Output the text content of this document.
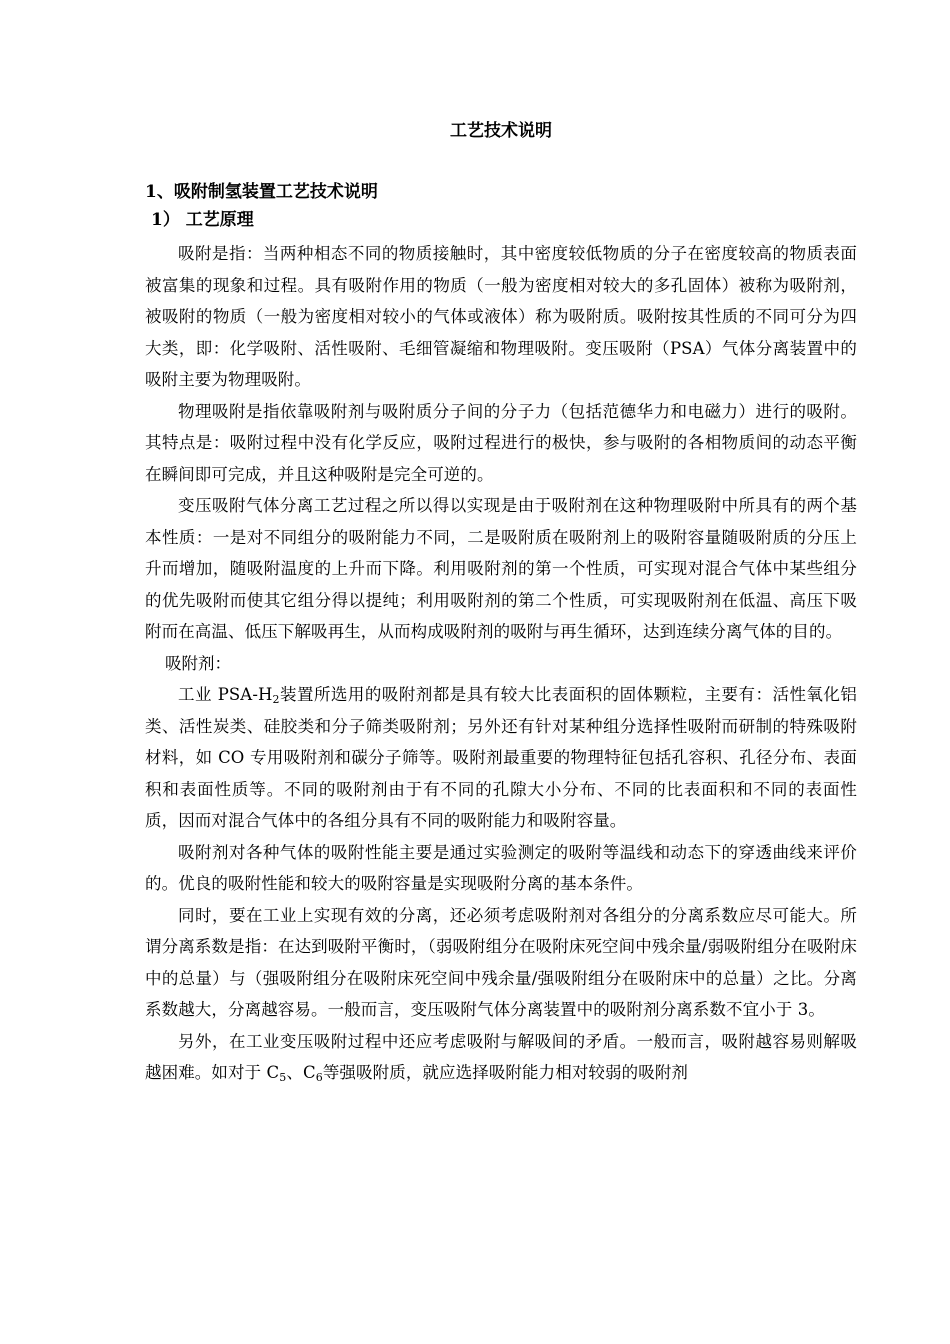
工艺技术说明
1、吸附制氢装置工艺技术说明
1） 工艺原理

吸附是指：当两种相态不同的物质接触时，其中密度较低物质的分子在密度较高的物质表面被富集的现象和过程。具有吸附作用的物质（一般为密度相对较大的多孔固体）被称为吸附剂，被吸附的物质（一般为密度相对较小的气体或液体）称为吸附质。吸附按其性质的不同可分为四大类，即：化学吸附、活性吸附、毛细管凝缩和物理吸附。变压吸附（PSA）气体分离装置中的吸附主要为物理吸附。

物理吸附是指依靠吸附剂与吸附质分子间的分子力（包括范德华力和电磁力）进行的吸附。其特点是：吸附过程中没有化学反应，吸附过程进行的极快，参与吸附的各相物质间的动态平衡在瞬间即可完成，并且这种吸附是完全可逆的。

变压吸附气体分离工艺过程之所以得以实现是由于吸附剂在这种物理吸附中所具有的两个基本性质：一是对不同组分的吸附能力不同，二是吸附质在吸附剂上的吸附容量随吸附质的分压上升而增加，随吸附温度的上升而下降。利用吸附剂的第一个性质，可实现对混合气体中某些组分的优先吸附而使其它组分得以提纯；利用吸附剂的第二个性质，可实现吸附剂在低温、高压下吸附而在高温、低压下解吸再生，从而构成吸附剂的吸附与再生循环，达到连续分离气体的目的。

吸附剂：

工业 PSA-$H_2$装置所选用的吸附剂都是具有较大比表面积的固体颗粒，主要有：活性氧化铝类、活性炭类、硅胶类和分子筛类吸附剂；另外还有针对某种组分选择性吸附而研制的特殊吸附材料，如 CO 专用吸附剂和碳分子筛等。吸附剂最重要的物理特征包括孔容积、孔径分布、表面积和表面性质等。不同的吸附剂由于有不同的孔隙大小分布、不同的比表面积和不同的表面性质，因而对混合气体中的各组分具有不同的吸附能力和吸附容量。

吸附剂对各种气体的吸附性能主要是通过实验测定的吸附等温线和动态下的穿透曲线来评价的。优良的吸附性能和较大的吸附容量是实现吸附分离的基本条件。

同时，要在工业上实现有效的分离，还必须考虑吸附剂对各组分的分离系数应尽可能大。所谓分离系数是指：在达到吸附平衡时，（弱吸附组分在吸附床死空间中残余量/弱吸附组分在吸附床中的总量）与（强吸附组分在吸附床死空间中残余量/强吸附组分在吸附床中的总量）之比。分离系数越大，分离越容易。一般而言，变压吸附气体分离装置中的吸附剂分离系数不宜小于 3。

另外，在工业变压吸附过程中还应考虑吸附与解吸间的矛盾。一般而言，吸附越容易则解吸越困难。如对于 $C_5$、$C_6$等强吸附质，就应选择吸附能力相对较弱的吸附剂
